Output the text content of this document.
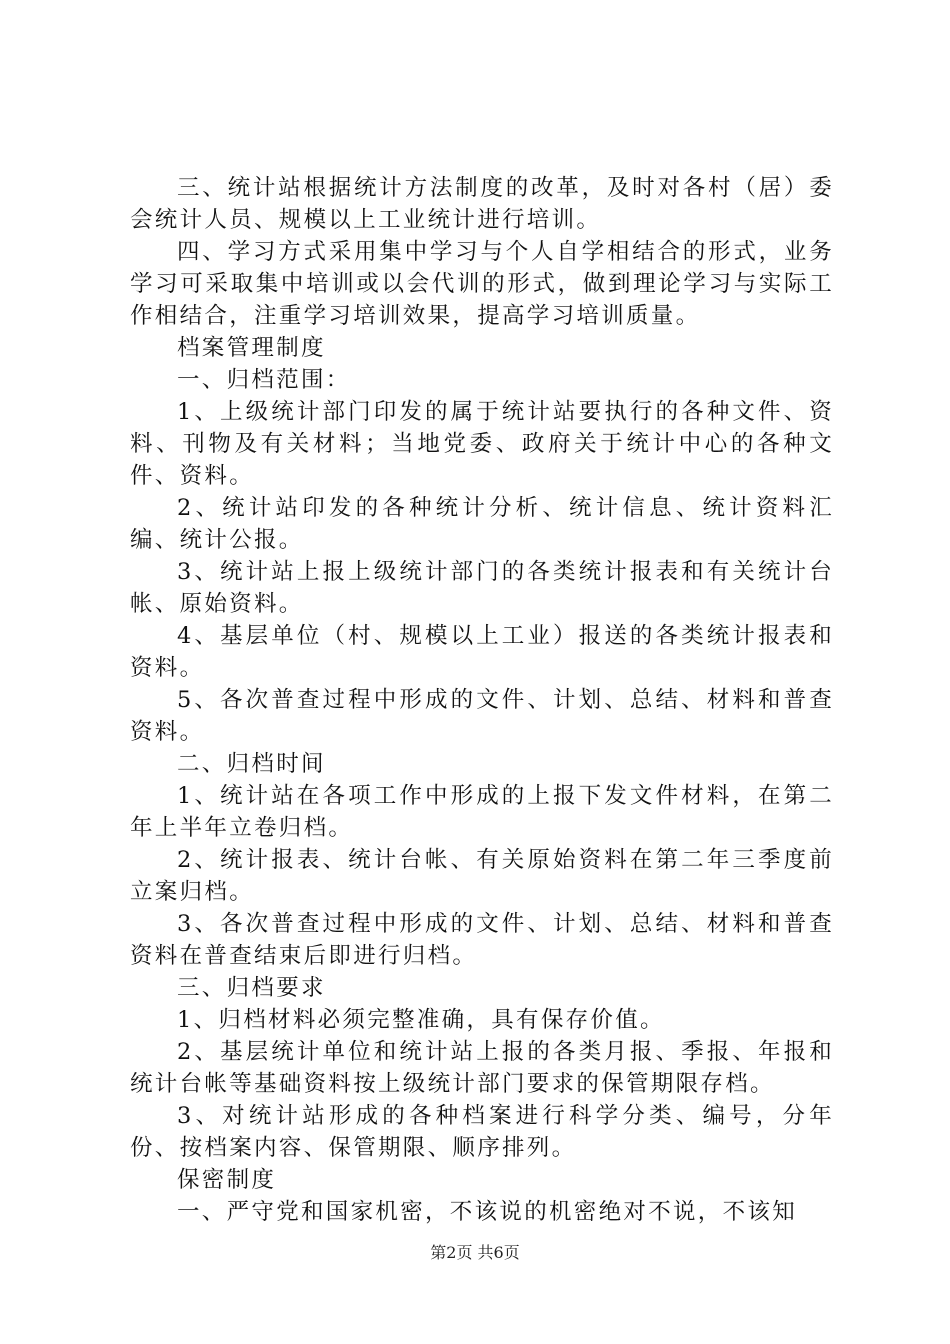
三、统计站根据统计方法制度的改革，及时对各村（居）委会统计人员、规模以上工业统计进行培训。

四、学习方式采用集中学习与个人自学相结合的形式，业务学习可采取集中培训或以会代训的形式，做到理论学习与实际工作相结合，注重学习培训效果，提高学习培训质量。

档案管理制度

一、归档范围：

1、上级统计部门印发的属于统计站要执行的各种文件、资料、刊物及有关材料；当地党委、政府关于统计中心的各种文件、资料。

2、统计站印发的各种统计分析、统计信息、统计资料汇编、统计公报。

3、统计站上报上级统计部门的各类统计报表和有关统计台帐、原始资料。

4、基层单位（村、规模以上工业）报送的各类统计报表和资料。

5、各次普查过程中形成的文件、计划、总结、材料和普查资料。

二、归档时间

1、统计站在各项工作中形成的上报下发文件材料，在第二年上半年立卷归档。

2、统计报表、统计台帐、有关原始资料在第二年三季度前立案归档。

3、各次普查过程中形成的文件、计划、总结、材料和普查资料在普查结束后即进行归档。

三、归档要求

1、归档材料必须完整准确，具有保存价值。

2、基层统计单位和统计站上报的各类月报、季报、年报和统计台帐等基础资料按上级统计部门要求的保管期限存档。

3、对统计站形成的各种档案进行科学分类、编号，分年份、按档案内容、保管期限、顺序排列。

保密制度

一、严守党和国家机密，不该说的机密绝对不说，不该知

第2页 共6页
